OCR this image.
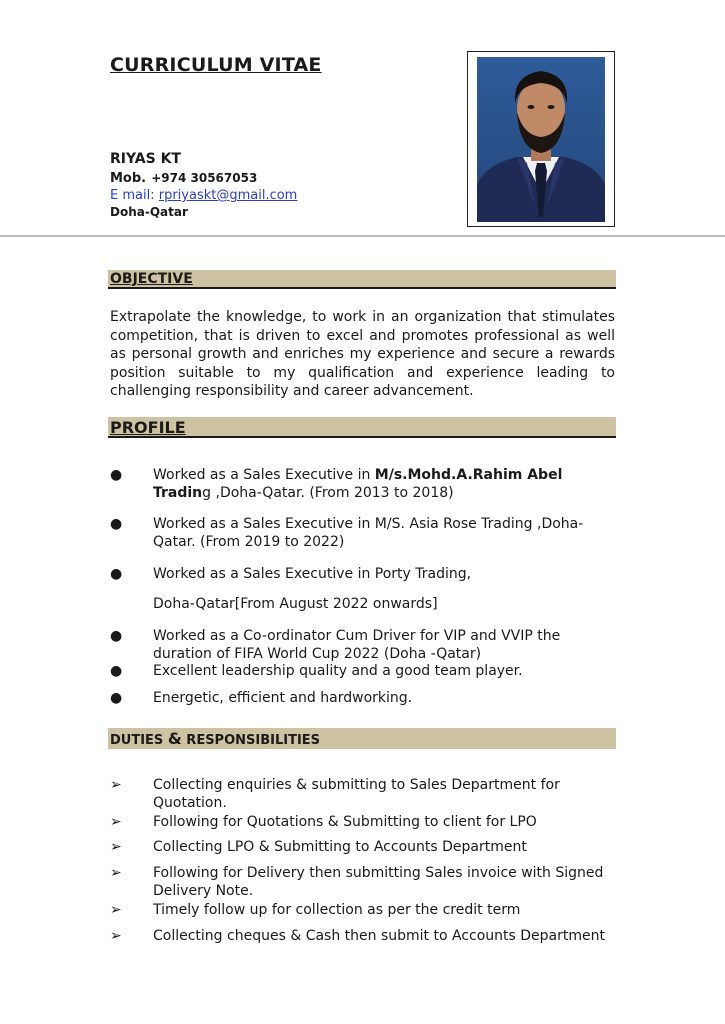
CURRICULUM VITAE
RIYAS KT
Mob. +974 30567053
E mail: rpriyaskt@gmail.com
Doha-Qatar
OBJECTIVE

Extrapolate the knowledge, to work in an organization that stimulates competition, that is driven to excel and promotes professional as well as personal growth and enriches my experience and secure a rewards position suitable to my qualification and experience leading to challenging responsibility and career advancement.

PROFILE
●	Worked as a Sales Executive in M/s.Mohd.A.Rahim Abel Trading ,Doha-Qatar. (From 2013 to 2018)
●	Worked as a Sales Executive in M/S. Asia Rose Trading ,Doha-Qatar. (From 2019 to 2022)
●	Worked as a Sales Executive in Porty Trading,
Doha-Qatar[From August 2022 onwards]
●	Worked as a Co-ordinator Cum Driver for VIP and VVIP the duration of FIFA World Cup 2022 (Doha -Qatar)
●	Excellent leadership quality and a good team player.
●	Energetic, efficient and hardworking.
DUTIES & RESPONSIBILITIES
➢	Collecting enquiries & submitting to Sales Department for Quotation.
➢	Following for Quotations & Submitting to client for LPO
➢	Collecting LPO & Submitting to Accounts Department
➢	Following for Delivery then submitting Sales invoice with Signed Delivery Note.
➢	Timely follow up for collection as per the credit term
➢	Collecting cheques & Cash then submit to Accounts Department
